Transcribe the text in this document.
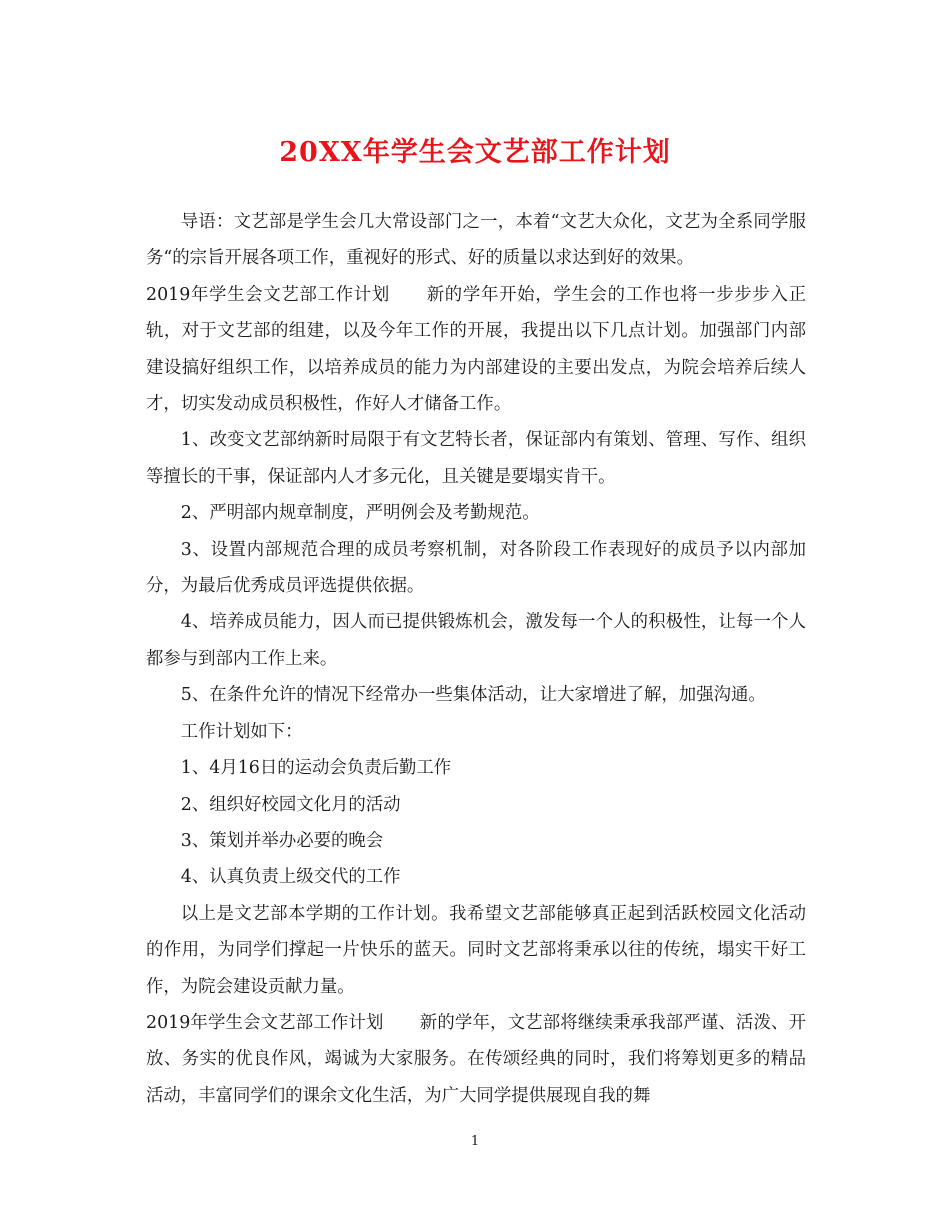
20XX年学生会文艺部工作计划

导语：文艺部是学生会几大常设部门之一，本着“文艺大众化，文艺为全系同学服务“的宗旨开展各项工作，重视好的形式、好的质量以求达到好的效果。

2019年学生会文艺部工作计划 新的学年开始，学生会的工作也将一步步步入正轨，对于文艺部的组建，以及今年工作的开展，我提出以下几点计划。加强部门内部建设搞好组织工作，以培养成员的能力为内部建设的主要出发点，为院会培养后续人才，切实发动成员积极性，作好人才储备工作。

1、改变文艺部纳新时局限于有文艺特长者，保证部内有策划、管理、写作、组织等擅长的干事，保证部内人才多元化，且关键是要塌实肯干。

2、严明部内规章制度，严明例会及考勤规范。

3、设置内部规范合理的成员考察机制，对各阶段工作表现好的成员予以内部加分，为最后优秀成员评选提供依据。

4、培养成员能力，因人而已提供锻炼机会，激发每一个人的积极性，让每一个人都参与到部内工作上来。

5、在条件允许的情况下经常办一些集体活动，让大家增进了解，加强沟通。

工作计划如下：

1、4月16日的运动会负责后勤工作

2、组织好校园文化月的活动

3、策划并举办必要的晚会

4、认真负责上级交代的工作

以上是文艺部本学期的工作计划。我希望文艺部能够真正起到活跃校园文化活动的作用，为同学们撑起一片快乐的蓝天。同时文艺部将秉承以往的传统，塌实干好工作，为院会建设贡献力量。

2019年学生会文艺部工作计划 新的学年，文艺部将继续秉承我部严谨、活泼、开放、务实的优良作风，竭诚为大家服务。在传颂经典的同时，我们将筹划更多的精品活动，丰富同学们的课余文化生活，为广大同学提供展现自我的舞

1
